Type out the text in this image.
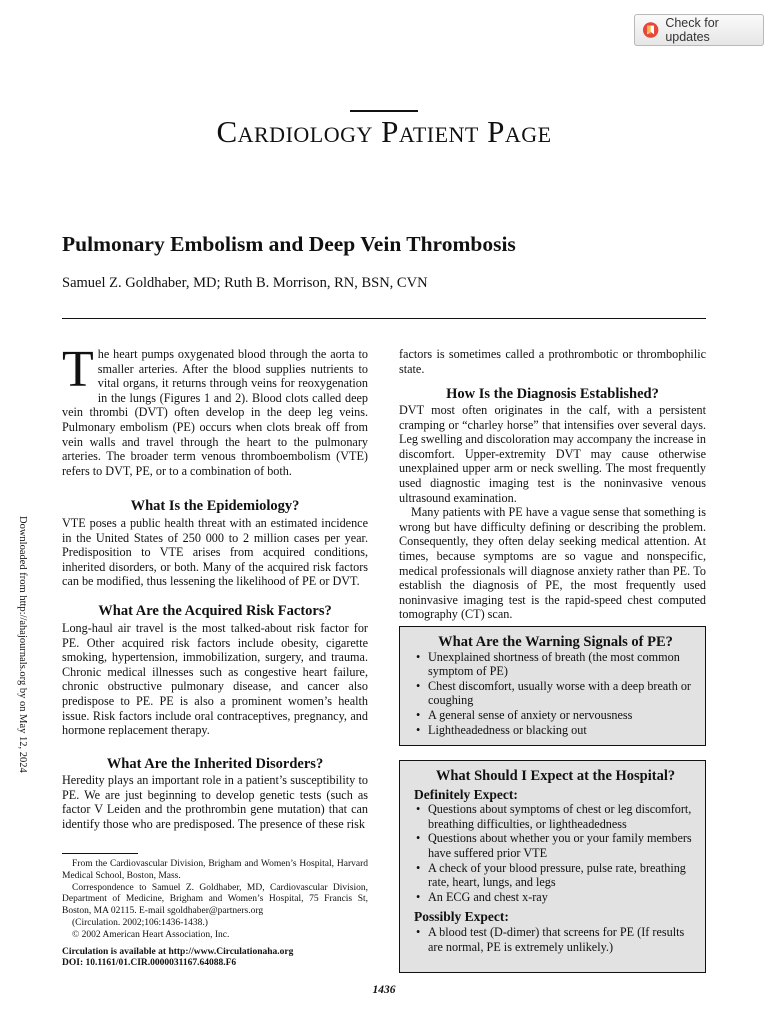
Check for updates
Cardiology Patient Page
Pulmonary Embolism and Deep Vein Thrombosis
Samuel Z. Goldhaber, MD; Ruth B. Morrison, RN, BSN, CVN
Downloaded from http://ahajournals.org by on May 12, 2024
T he heart pumps oxygenated blood through the aorta to smaller arteries. After the blood supplies nutrients to vital organs, it returns through veins for reoxygenation in the lungs (Figures 1 and 2). Blood clots called deep vein thrombi (DVT) often develop in the deep leg veins. Pulmonary embolism (PE) occurs when clots break off from vein walls and travel through the heart to the pulmonary arteries. The broader term venous thromboembolism (VTE) refers to DVT, PE, or to a combination of both.

What Is the Epidemiology?

VTE poses a public health threat with an estimated incidence in the United States of 250 000 to 2 million cases per year. Predisposition to VTE arises from acquired conditions, inherited disorders, or both. Many of the acquired risk factors can be modified, thus lessening the likelihood of PE or DVT.

What Are the Acquired Risk Factors?

Long-haul air travel is the most talked-about risk factor for PE. Other acquired risk factors include obesity, cigarette smoking, hypertension, immobilization, surgery, and trauma. Chronic medical illnesses such as congestive heart failure, chronic obstructive pulmonary disease, and cancer also predispose to PE. PE is also a prominent women’s health issue. Risk factors include oral contraceptives, pregnancy, and hormone replacement therapy.

What Are the Inherited Disorders?

Heredity plays an important role in a patient’s susceptibility to PE. We are just beginning to develop genetic tests (such as factor V Leiden and the prothrombin gene mutation) that can identify those who are predisposed. The presence of these risk

factors is sometimes called a prothrombotic or thrombophilic state.

How Is the Diagnosis Established?

DVT most often originates in the calf, with a persistent cramping or “charley horse” that intensifies over several days. Leg swelling and discoloration may accompany the increase in discomfort. Upper-extremity DVT may cause otherwise unexplained upper arm or neck swelling. The most frequently used diagnostic imaging test is the noninvasive venous ultrasound examination.

Many patients with PE have a vague sense that something is wrong but have difficulty defining or describing the problem. Consequently, they often delay seeking medical attention. At times, because symptoms are so vague and nonspecific, medical professionals will diagnose anxiety rather than PE. To establish the diagnosis of PE, the most frequently used noninvasive imaging test is the rapid-speed chest computed tomography (CT) scan.

What Are the Warning Signals of PE?

• Unexplained shortness of breath (the most common symptom of PE)
• Chest discomfort, usually worse with a deep breath or coughing
• A general sense of anxiety or nervousness
• Lightheadedness or blacking out

What Should I Expect at the Hospital?

Definitely Expect:

• Questions about symptoms of chest or leg discomfort, breathing difficulties, or lightheadedness
• Questions about whether you or your family members have suffered prior VTE
• A check of your blood pressure, pulse rate, breathing rate, heart, lungs, and legs
• An ECG and chest x-ray

Possibly Expect:

• A blood test (D-dimer) that screens for PE (If results are normal, PE is extremely unlikely.)

From the Cardiovascular Division, Brigham and Women’s Hospital, Harvard Medical School, Boston, Mass.

Correspondence to Samuel Z. Goldhaber, MD, Cardiovascular Division, Department of Medicine, Brigham and Women’s Hospital, 75 Francis St, Boston, MA 02115. E-mail sgoldhaber@partners.org

(Circulation. 2002;106:1436-1438.)

© 2002 American Heart Association, Inc.

Circulation is available at http://www.Circulationaha.org

DOI: 10.1161/01.CIR.0000031167.64088.F6

1436
